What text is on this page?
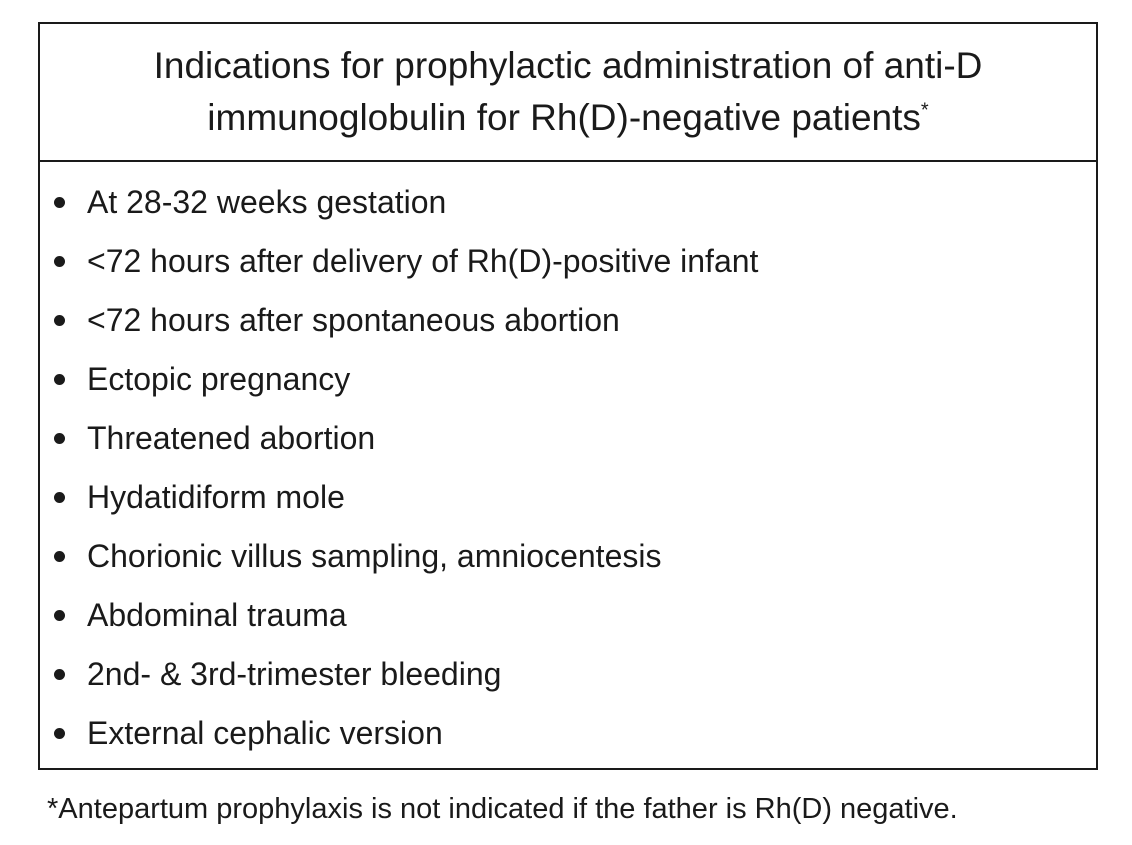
Indications for prophylactic administration of anti-D
immunoglobulin for Rh(D)-negative patients*
At 28-32 weeks gestation
<72 hours after delivery of Rh(D)-positive infant
<72 hours after spontaneous abortion
Ectopic pregnancy
Threatened abortion
Hydatidiform mole
Chorionic villus sampling, amniocentesis
Abdominal trauma
2nd- & 3rd-trimester bleeding
External cephalic version
*Antepartum prophylaxis is not indicated if the father is Rh(D) negative.
